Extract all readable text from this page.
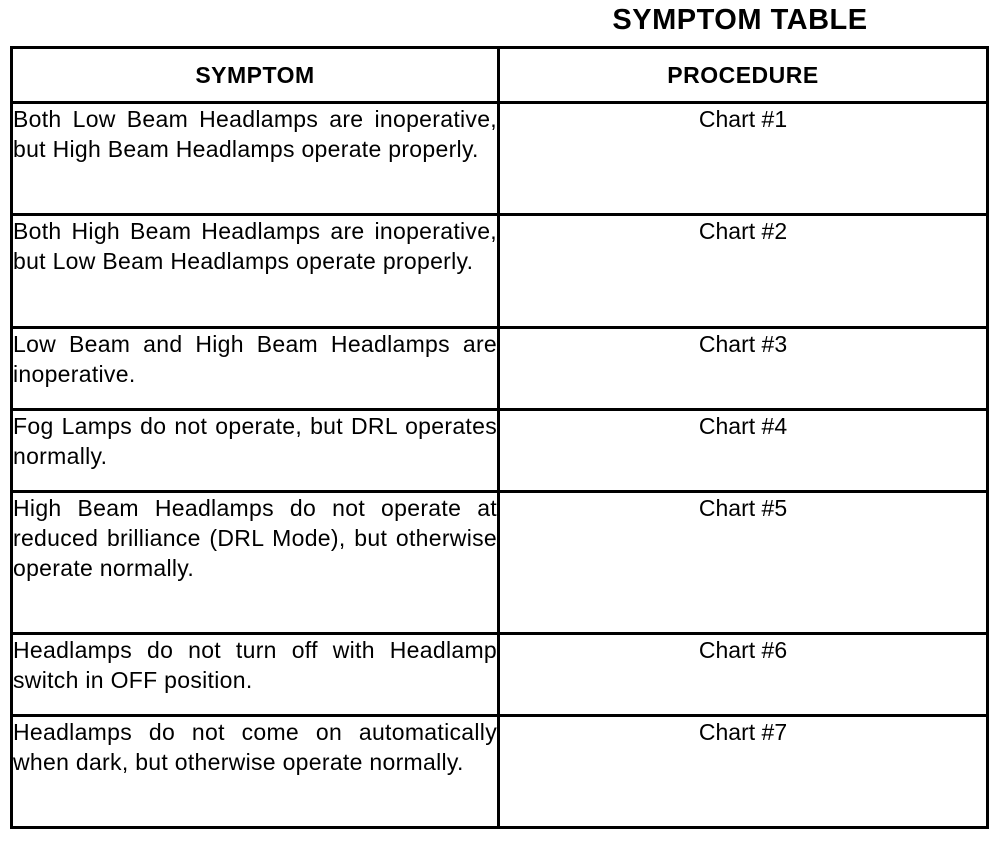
SYMPTOM TABLE
SYMPTOM	PROCEDURE
Both Low Beam Headlamps are inoperative, but High Beam Headlamps operate properly.	Chart #1
Both High Beam Headlamps are inoperative, but Low Beam Headlamps operate properly.	Chart #2
Low Beam and High Beam Headlamps are inoperative.	Chart #3
Fog Lamps do not operate, but DRL operates normally.	Chart #4
High Beam Headlamps do not operate at reduced brilliance (DRL Mode), but otherwise operate normally.	Chart #5
Headlamps do not turn off with Headlamp switch in OFF position.	Chart #6
Headlamps do not come on automatically when dark, but otherwise operate normally.	Chart #7
